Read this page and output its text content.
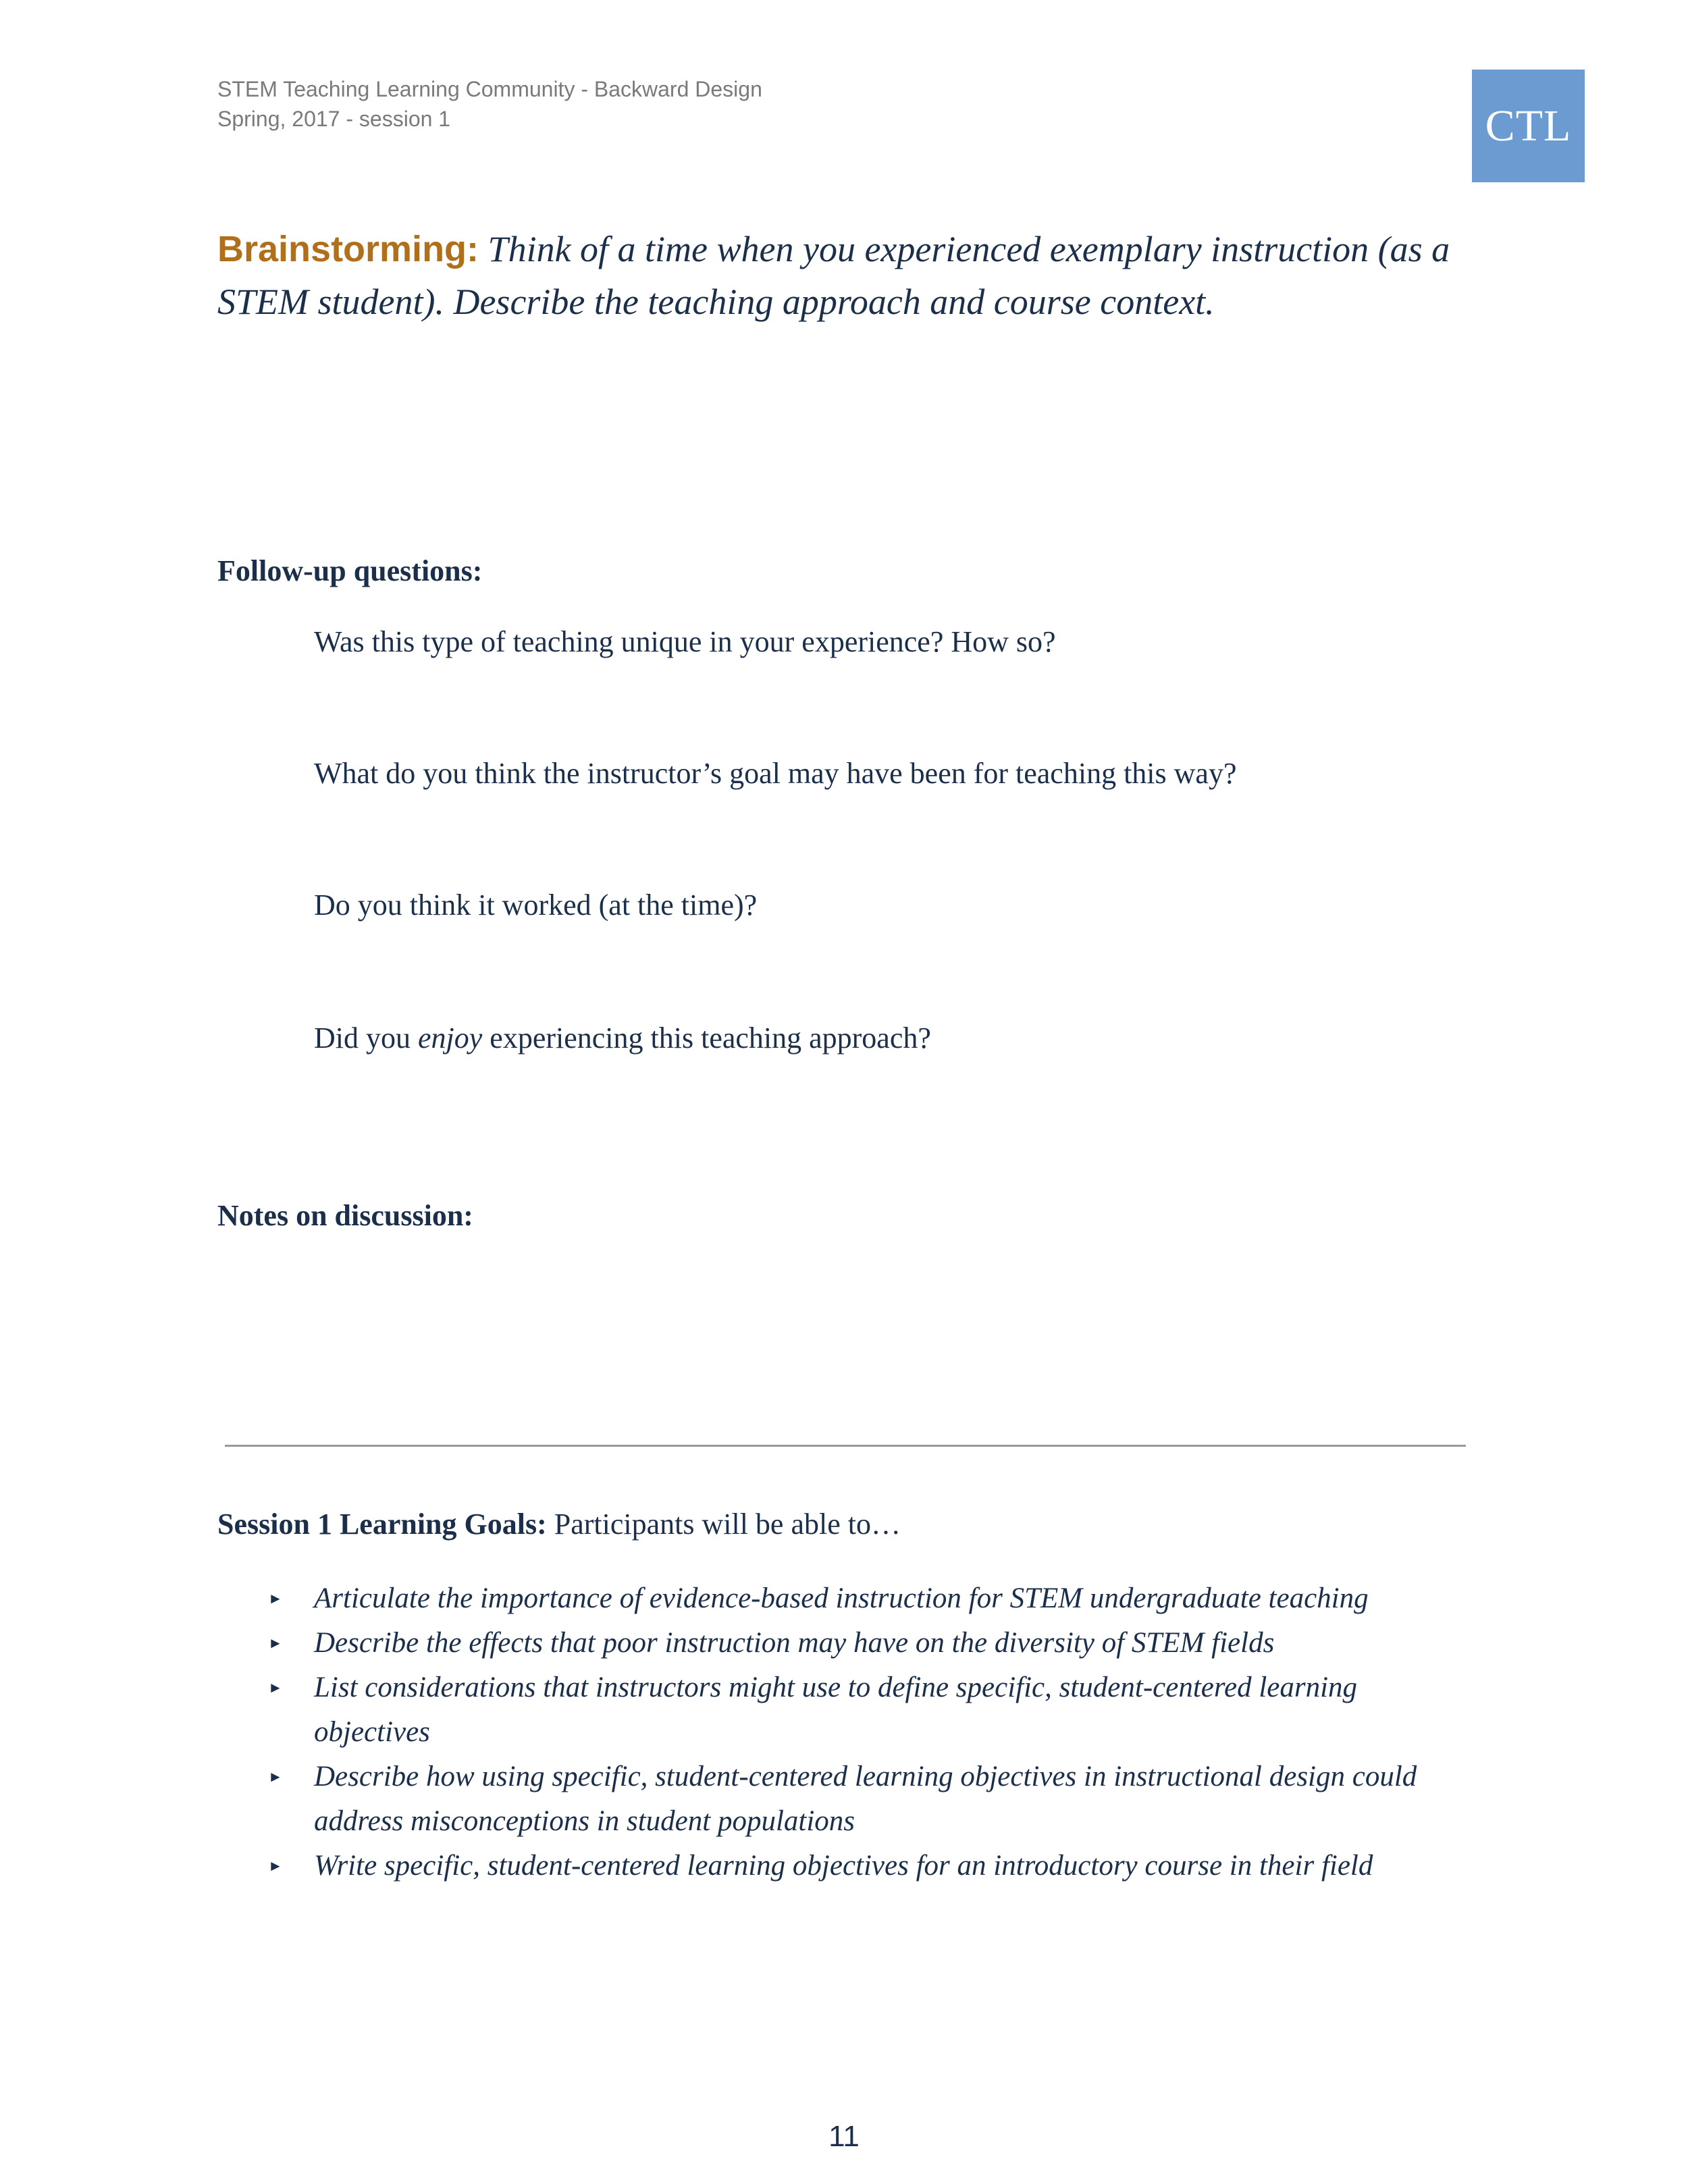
STEM Teaching Learning Community - Backward Design
Spring, 2017 - session 1	CTL
Brainstorming: Think of a time when you experienced exemplary instruction (as a STEM student). Describe the teaching approach and course context.
Follow-up questions:
Was this type of teaching unique in your experience? How so?
What do you think the instructor’s goal may have been for teaching this way?
Do you think it worked (at the time)?
Did you enjoy experiencing this teaching approach?
Notes on discussion:
Session 1 Learning Goals: Participants will be able to…
► Articulate the importance of evidence-based instruction for STEM undergraduate teaching
► Describe the effects that poor instruction may have on the diversity of STEM fields
► List considerations that instructors might use to define specific, student-centered learning objectives
► Describe how using specific, student-centered learning objectives in instructional design could address misconceptions in student populations
► Write specific, student-centered learning objectives for an introductory course in their field
11
